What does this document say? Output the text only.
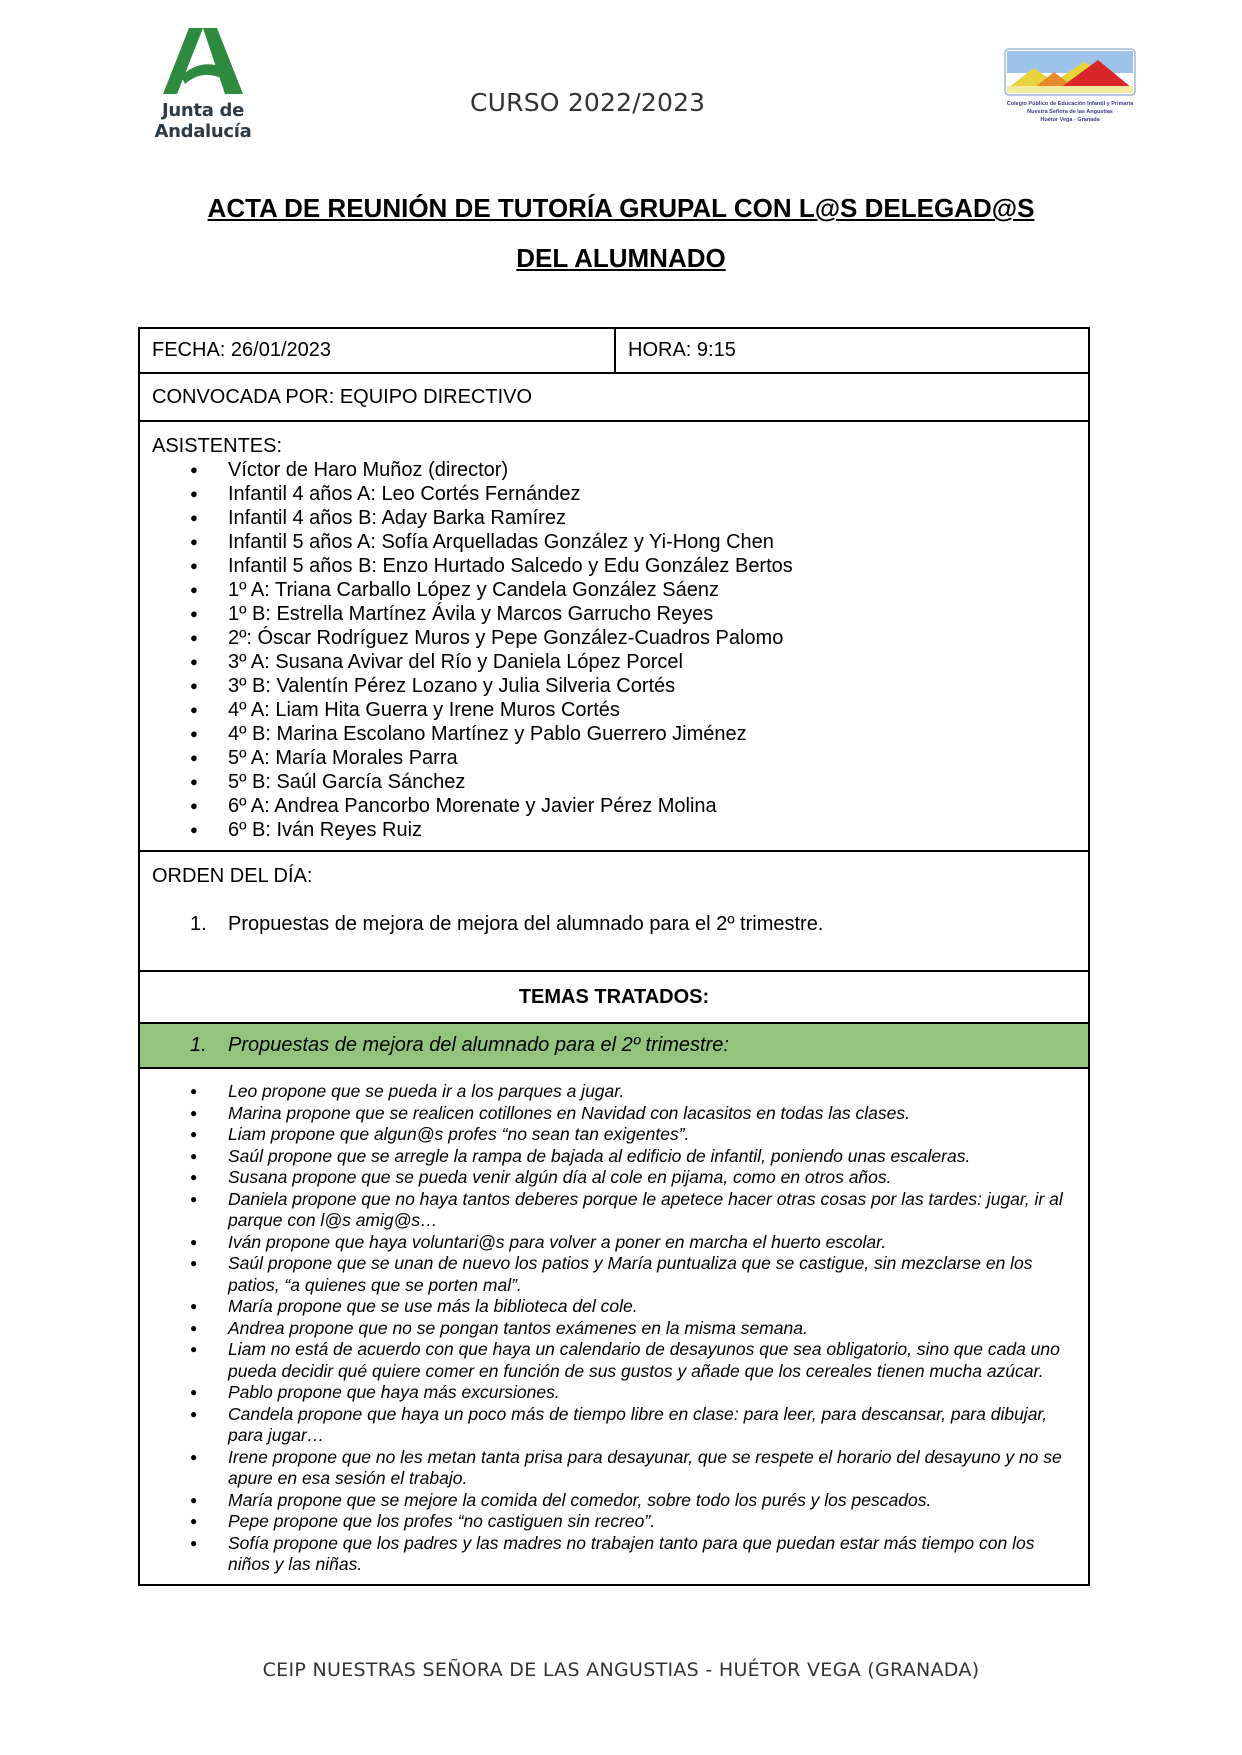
Junta de Andalucía
CURSO 2022/2023	Colegio Público de Educación Infantil y Primaria
Nuestra Señora de las Angustias
Huétor Vega - Granada
ACTA DE REUNIÓN DE TUTORÍA GRUPAL CON L@S DELEGAD@S
DEL ALUMNADO
FECHA: 26/01/2023	HORA: 9:15
CONVOCADA POR: EQUIPO DIRECTIVO

ASISTENTES:
● Víctor de Haro Muñoz (director)
● Infantil 4 años A: Leo Cortés Fernández
● Infantil 4 años B: Aday Barka Ramírez
● Infantil 5 años A: Sofía Arquelladas González y Yi-Hong Chen
● Infantil 5 años B: Enzo Hurtado Salcedo y Edu González Bertos
● 1º A: Triana Carballo López y Candela González Sáenz
● 1º B: Estrella Martínez Ávila y Marcos Garrucho Reyes
● 2º: Óscar Rodríguez Muros y Pepe González-Cuadros Palomo
● 3º A: Susana Avivar del Río y Daniela López Porcel
● 3º B: Valentín Pérez Lozano y Julia Silveria Cortés
● 4º A: Liam Hita Guerra y Irene Muros Cortés
● 4º B: Marina Escolano Martínez y Pablo Guerrero Jiménez
● 5º A: María Morales Parra
● 5º B: Saúl García Sánchez
● 6º A: Andrea Pancorbo Morenate y Javier Pérez Molina
● 6º B: Iván Reyes Ruiz

ORDEN DEL DÍA:
1. Propuestas de mejora de mejora del alumnado para el 2º trimestre.

TEMAS TRATADOS:

1. Propuestas de mejora del alumnado para el 2º trimestre:

● Leo propone que se pueda ir a los parques a jugar.
● Marina propone que se realicen cotillones en Navidad con lacasitos en todas las clases.
● Liam propone que algun@s profes “no sean tan exigentes”.
● Saúl propone que se arregle la rampa de bajada al edificio de infantil, poniendo unas escaleras.
● Susana propone que se pueda venir algún día al cole en pijama, como en otros años.
● Daniela propone que no haya tantos deberes porque le apetece hacer otras cosas por las tardes: jugar, ir al parque con l@s amig@s…
● Iván propone que haya voluntari@s para volver a poner en marcha el huerto escolar.
● Saúl propone que se unan de nuevo los patios y María puntualiza que se castigue, sin mezclarse en los patios, “a quienes que se porten mal”.
● María propone que se use más la biblioteca del cole.
● Andrea propone que no se pongan tantos exámenes en la misma semana.
● Liam no está de acuerdo con que haya un calendario de desayunos que sea obligatorio, sino que cada uno pueda decidir qué quiere comer en función de sus gustos y añade que los cereales tienen mucha azúcar.
● Pablo propone que haya más excursiones.
● Candela propone que haya un poco más de tiempo libre en clase: para leer, para descansar, para dibujar, para jugar…
● Irene propone que no les metan tanta prisa para desayunar, que se respete el horario del desayuno y no se apure en esa sesión el trabajo.
● María propone que se mejore la comida del comedor, sobre todo los purés y los pescados.
● Pepe propone que los profes “no castiguen sin recreo”.
● Sofía propone que los padres y las madres no trabajen tanto para que puedan estar más tiempo con los niños y las niñas.
CEIP NUESTRAS SEÑORA DE LAS ANGUSTIAS - HUÉTOR VEGA (GRANADA)
